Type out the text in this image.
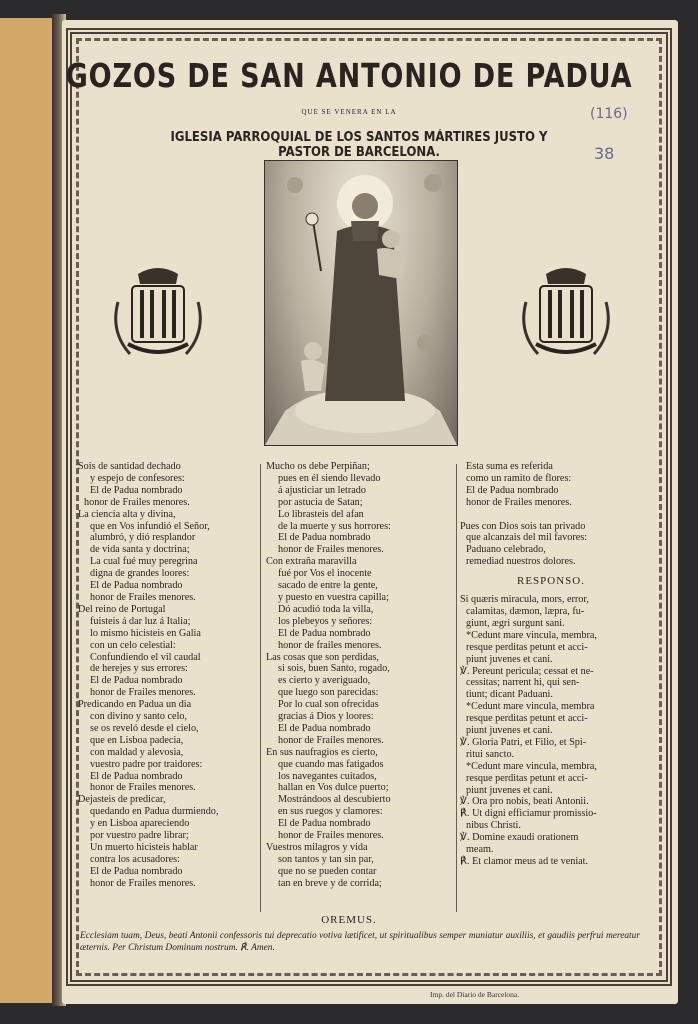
GOZOS DE SAN ANTONIO DE PADUA
QUE SE VENERA EN LA
IGLESIA PARROQUIAL DE LOS SANTOS MÁRTIRES JUSTO Y PASTOR DE BARCELONA.
(116)
38
Sois de santidad dechado
y espejo de confesores:
El de Padua nombrado
honor de Frailes menores.
La ciencia alta y divina,
que en Vos infundió el Señor,
alumbró, y dió resplandor
de vida santa y doctrina;
La cual fué muy peregrina
digna de grandes loores:
El de Padua nombrado
honor de Frailes menores.
Del reino de Portugal
fuisteis á dar luz á Italia;
lo mismo hicisteis en Galia
con un celo celestial:
Confundiendo el vil caudal
de herejes y sus errores:
El de Padua nombrado
honor de Frailes menores.
Predicando en Padua un dia
con divino y santo celo,
se os reveló desde el cielo,
que en Lisboa padecia,
con maldad y alevosia,
vuestro padre por traidores:
El de Padua nombrado
honor de Frailes menores.
Dejasteis de predicar,
quedando en Padua durmiendo,
y en Lisboa apareciendo
por vuestro padre librar;
Un muerto hicisteis hablar
contra los acusadores:
El de Padua nombrado
honor de Frailes menores.
Mucho os debe Perpiñan;
pues en él siendo llevado
á ajusticiar un letrado
por astucia de Satan;
Lo librasteis del afan
de la muerte y sus horrores:
El de Padua nombrado
honor de Frailes menores.
Con extraña maravilla
fué por Vos el inocente
sacado de entre la gente,
y puesto en vuestra capilla;
Dó acudió toda la villa,
los plebeyos y señores:
El de Padua nombrado
honor de frailes menores.
Las cosas que son perdidas,
si sois, buen Santo, rogado,
es cierto y averiguado,
que luego son parecidas:
Por lo cual son ofrecidas
gracias á Dios y loores:
El de Padua nombrado
honor de Frailes menores.
En sus naufragios es cierto,
que cuando mas fatigados
los navegantes cuitados,
hallan en Vos dulce puerto;
Mostrándoos al descubierto
en sus ruegos y clamores:
El de Padua nombrado
honor de Frailes menores.
Vuestros milagros y vida
son tantos y tan sin par,
que no se pueden contar
tan en breve y de corrida;
Esta suma es referida
como un ramito de flores:
El de Padua nombrado
honor de Frailes menores.

Pues con Dios sois tan privado
que alcanzais del mil favores:
Paduano celebrado,
remediad nuestros dolores.
RESPONSO.
Si quæris miracula, mors, error,
calamitas, dæmon, læpra, fu-
giunt, ægri surgunt sani.
*Cedunt mare vincula, membra,
resque perditas petunt et acci-
piunt juvenes et cani.
℣. Pereunt pericula; cessat et ne-
cessitas; narrent hi, qui sen-
tiunt; dicant Paduani.
*Cedunt mare vincula, membra
resque perditas petunt et acci-
piunt juvenes et cani.
℣. Gloria Patri, et Filio, et Spi-
ritui sancto.
*Cedunt mare vincula, membra,
resque perditas petunt et acci-
piunt juvenes et cani.
℣. Ora pro nobis, beati Antonii.
℟. Ut digni efficiamur promissio-
nibus Christi.
℣. Domine exaudi orationem
meam.
℟. Et clamor meus ad te veniat.
OREMUS.
Ecclesiam tuam, Deus, beati Antonii confessoris tui deprecatio votiva lætificet, ut spiritualibus semper muniatur auxiliis, et gaudiis perfrui mereatur æternis. Per Christum Dominum nostrum. ℟. Amen.
Imp. del Diario de Barcelona.
